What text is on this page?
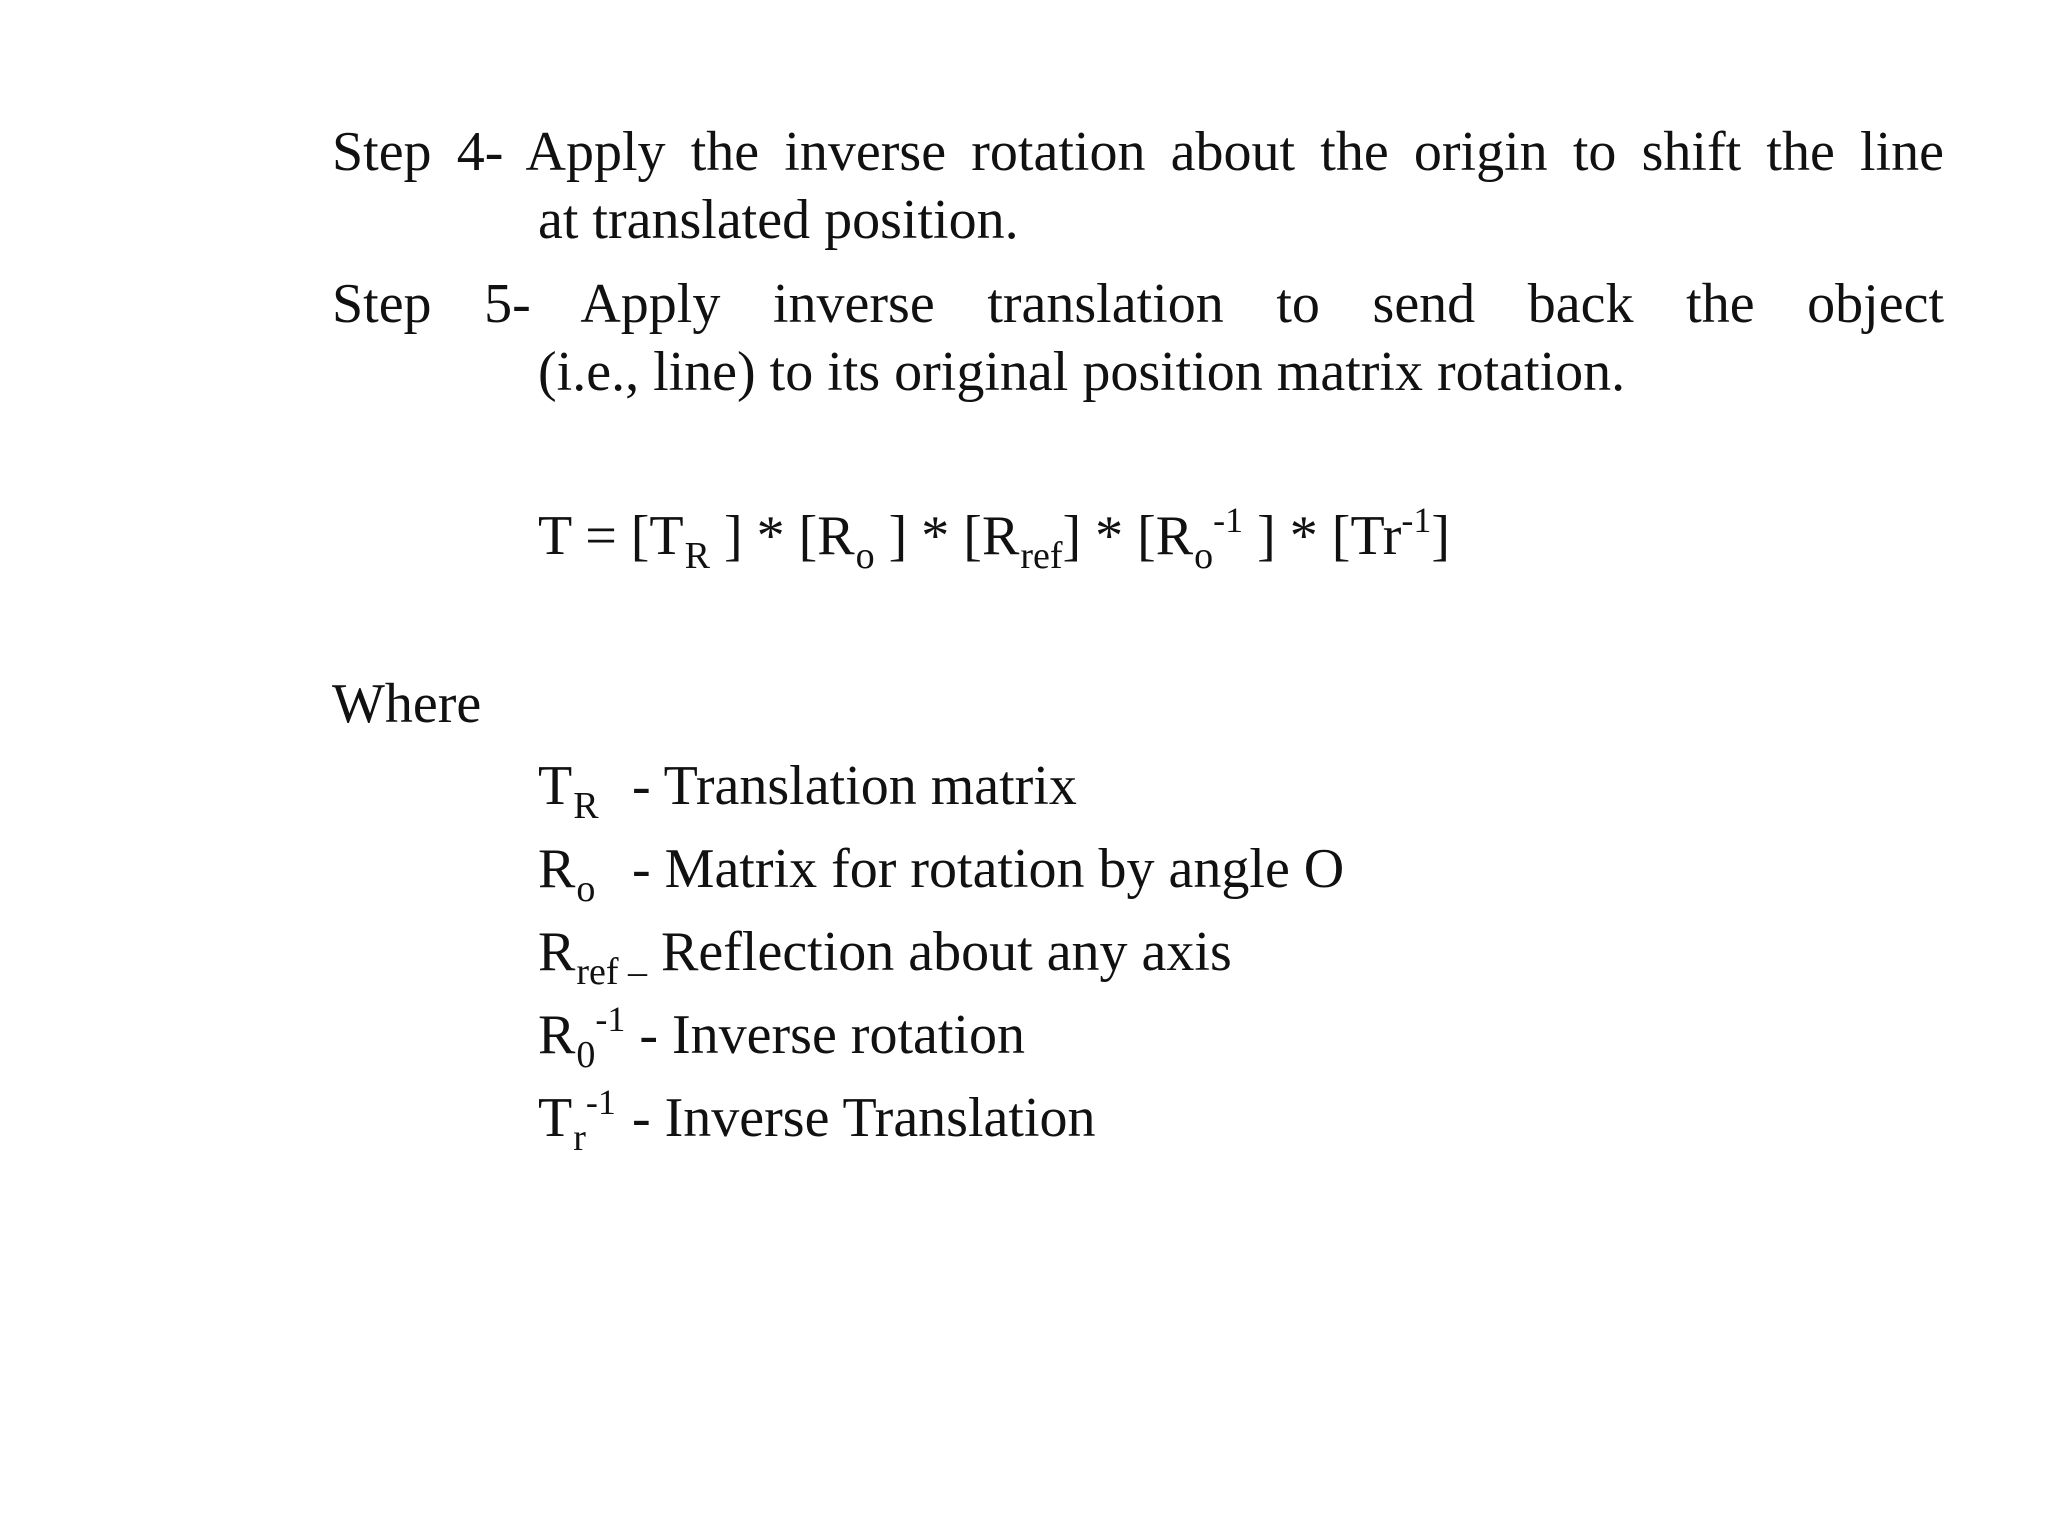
Step 4- Apply the inverse rotation about the origin to shift the line
at translated position.
Step 5- Apply inverse translation to send back the object
(i.e., line) to its original position matrix rotation.
$T = [T_R$ ] * [$R_o$ ] * $[R_{ref}] * [R_o^{-1}$ ] * $[Tr^{-1}]$
Where
$T_R$ - Translation matrix
$R_o$ - Matrix for rotation by angle O
$R_{ref -}$ Reflection about any axis
$R_0^{-1}$ - Inverse rotation
$T_r^{-1}$ - Inverse Translation
